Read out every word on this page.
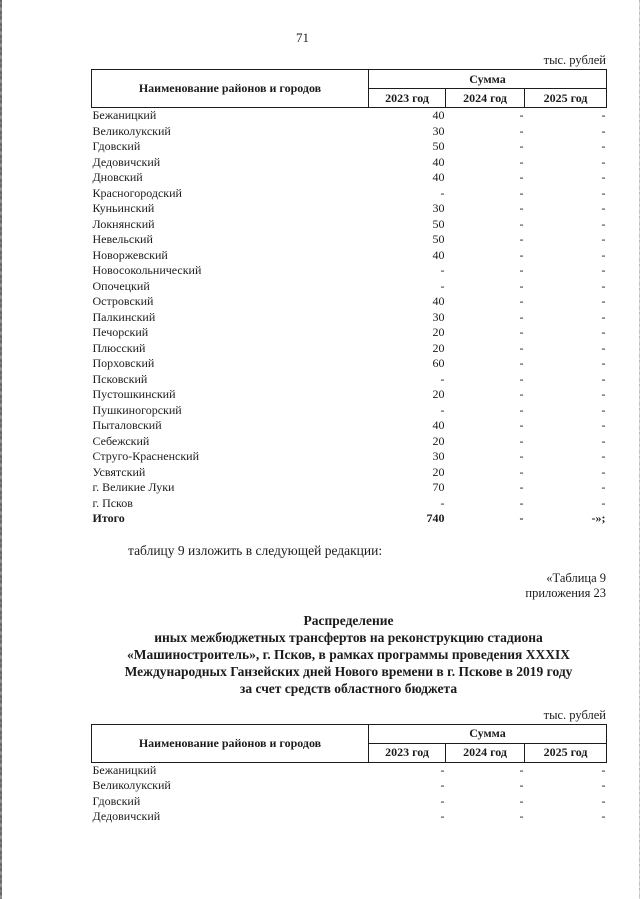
71
тыс. рублей
Наименование районов и городов	Сумма		
	2023 год	2024 год	2025 год
Бежаницкий	40	-	-
Великолукский	30	-	-
Гдовский	50	-	-
Дедовичский	40	-	-
Дновский	40	-	-
Красногородский	-	-	-
Куньинский	30	-	-
Локнянский	50	-	-
Невельский	50	-	-
Новоржевский	40	-	-
Новосокольнический	-	-	-
Опочецкий	-	-	-
Островский	40	-	-
Палкинский	30	-	-
Печорский	20	-	-
Плюсский	20	-	-
Порховский	60	-	-
Псковский	-	-	-
Пустошкинский	20	-	-
Пушкиногорский	-	-	-
Пыталовский	40	-	-
Себежский	20	-	-
Струго-Красненский	30	-	-
Усвятский	20	-	-
г. Великие Луки	70	-	-
г. Псков	-	-	-
Итого	740	-	-»;

таблицу 9 изложить в следующей редакции:

«Таблица 9
приложения 23
Распределение
иных межбюджетных трансфертов на реконструкцию стадиона
«Машиностроитель», г. Псков, в рамках программы проведения XXXIX
Международных Ганзейских дней Нового времени в г. Пскове в 2019 году
за счет средств областного бюджета
тыс. рублей
Наименование районов и городов	Сумма		
	2023 год	2024 год	2025 год
Бежаницкий	-	-	-
Великолукский	-	-	-
Гдовский	-	-	-
Дедовичский	-	-	-
